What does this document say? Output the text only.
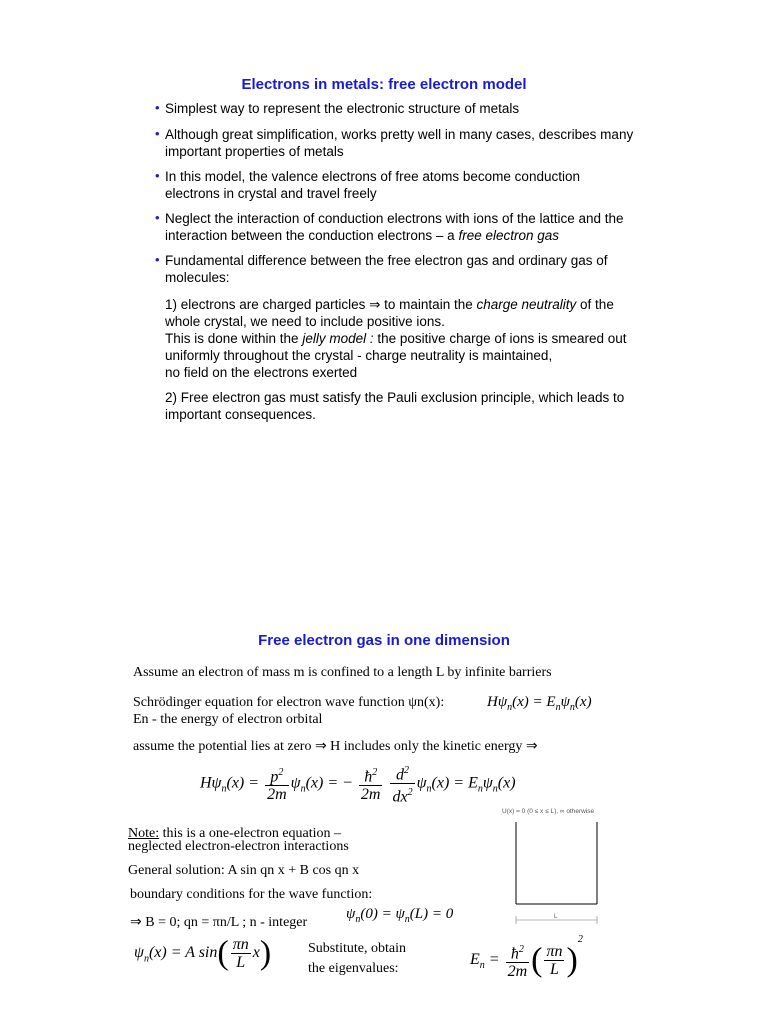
Electrons in metals: free electron model
• Simplest way to represent the electronic structure of metals
• Although great simplification, works pretty well in many cases, describes many important properties of metals
• In this model, the valence electrons of free atoms become conduction electrons in crystal and travel freely
• Neglect the interaction of conduction electrons with ions of the lattice and the interaction between the conduction electrons – a free electron gas
• Fundamental difference between the free electron gas and ordinary gas of molecules:
1) electrons are charged particles ⇒ to maintain the charge neutrality of the whole crystal, we need to include positive ions.
This is done within the jelly model : the positive charge of ions is smeared out uniformly throughout the crystal - charge neutrality is maintained,
no field on the electrons exerted
2) Free electron gas must satisfy the Pauli exclusion principle, which leads to important consequences.
Free electron gas in one dimension
Assume an electron of mass m is confined to a length L by infinite barriers
Schrödinger equation for electron wave function ψn(x):	$H\psi_n(x) = E_n\psi_n(x)$
En - the energy of electron orbital
assume the potential lies at zero ⇒ H includes only the kinetic energy ⇒
$H\psi_n(x) = \frac{p^2}{2m} \psi_n(x)$ = − $\frac{ħ^2}{2m}$
$\frac{d^2}{dx^2} \psi_n(x) = E_n\psi_n(x)$
Note: this is a one-electron equation –
neglected electron-electron interactions
General solution: A sin qn x + B cos qn x
boundary conditions for the wave function:
⇒ B = 0; qn = πn/L ; n - integer
$\psi_n(0) = \psi_n(L) = 0$
$\psi_n(x) = A$ $\sin( \frac{\pi n}{L} x)$	Substitute, obtain
the eigenvalues:
$E_n = \frac{ħ^2}{2m}$ ( $\frac{\pi n}{L} )^2$
U(x) = 0 (0 ≤ x ≤ L), ∞ otherwise
L
